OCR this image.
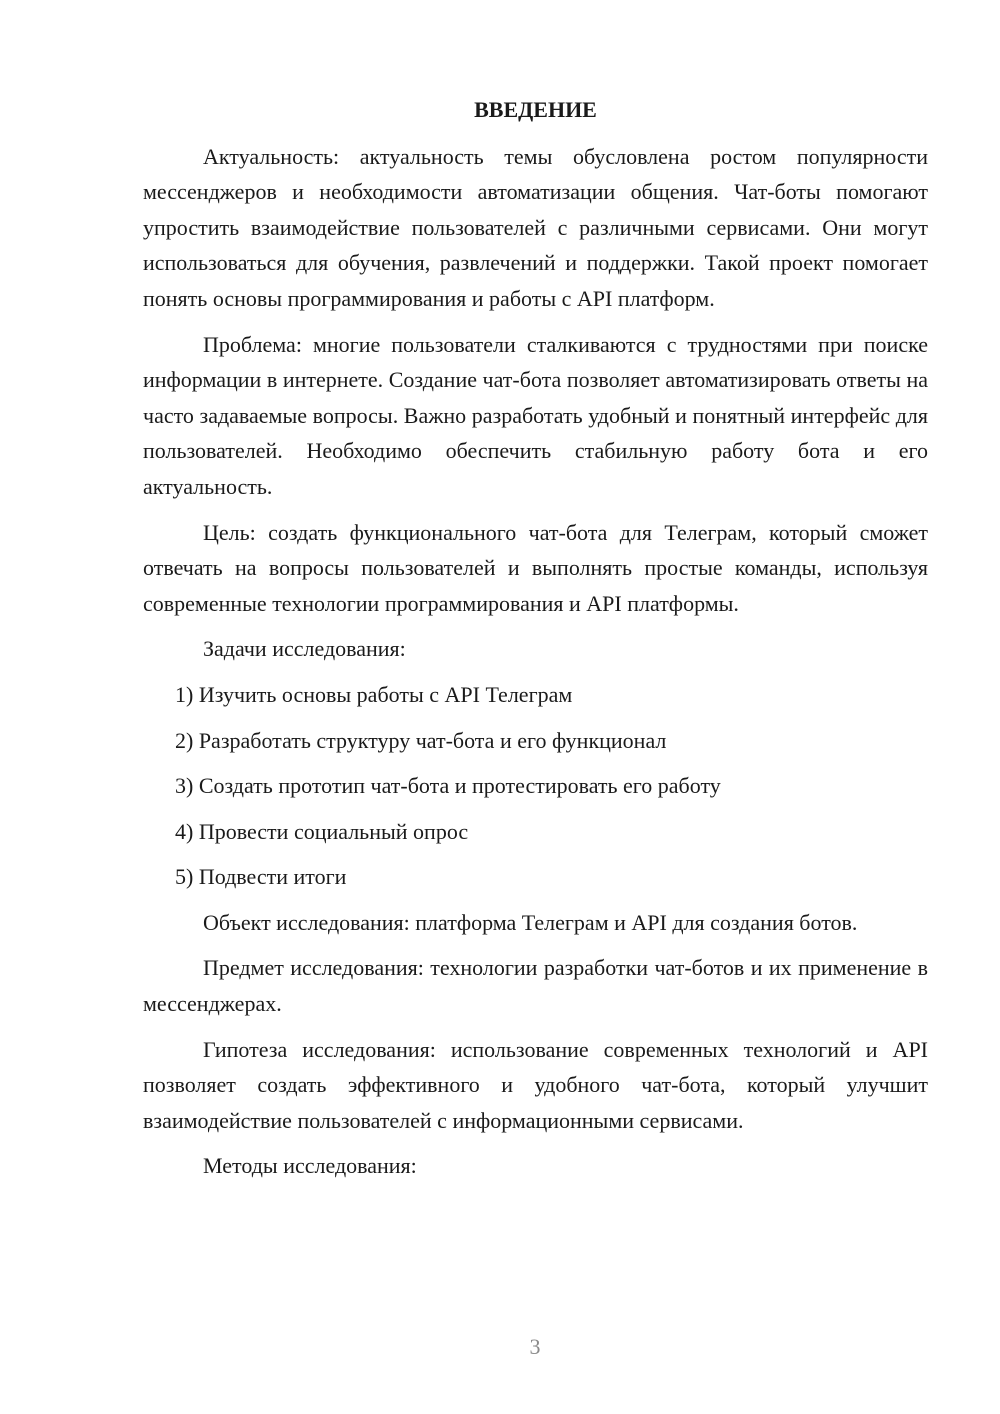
ВВЕДЕНИЕ

Актуальность: актуальность темы обусловлена ростом популярности мессенджеров и необходимости автоматизации общения. Чат-боты помогают упростить взаимодействие пользователей с различными сервисами. Они могут использоваться для обучения, развлечений и поддержки. Такой проект помогает понять основы программирования и работы с API платформ.

Проблема: многие пользователи сталкиваются с трудностями при поиске информации в интернете. Создание чат-бота позволяет автоматизировать ответы на часто задаваемые вопросы. Важно разработать удобный и понятный интерфейс для пользователей. Необходимо обеспечить стабильную работу бота и его актуальность.

Цель: создать функционального чат-бота для Телеграм, который сможет отвечать на вопросы пользователей и выполнять простые команды, используя современные технологии программирования и API платформы.

Задачи исследования:

1) Изучить основы работы с API Телеграм
2) Разработать структуру чат-бота и его функционал
3) Создать прототип чат-бота и протестировать его работу
4) Провести социальный опрос
5) Подвести итоги

Объект исследования: платформа Телеграм и API для создания ботов.

Предмет исследования: технологии разработки чат-ботов и их применение в мессенджерах.

Гипотеза исследования: использование современных технологий и API позволяет создать эффективного и удобного чат-бота, который улучшит взаимодействие пользователей с информационными сервисами.

Методы исследования:

3
